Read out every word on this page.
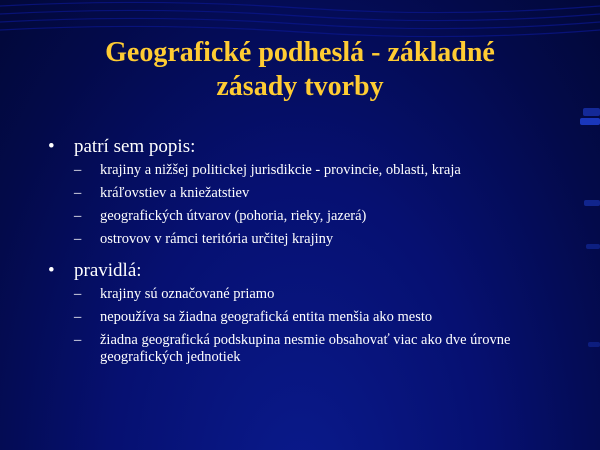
Geografické podheslá - základné
zásady tvorby
• patrí sem popis:
– krajiny a nižšej politickej jurisdikcie - provincie, oblasti, kraja
– kráľovstiev a kniežatstiev
– geografických útvarov (pohoria, rieky, jazerá)
– ostrovov v rámci teritória určitej krajiny
• pravidlá:
– krajiny sú označované priamo
– nepoužíva sa žiadna geografická entita menšia ako mesto
– žiadna geografická podskupina nesmie obsahovať viac ako dve úrovne geografických jednotiek
